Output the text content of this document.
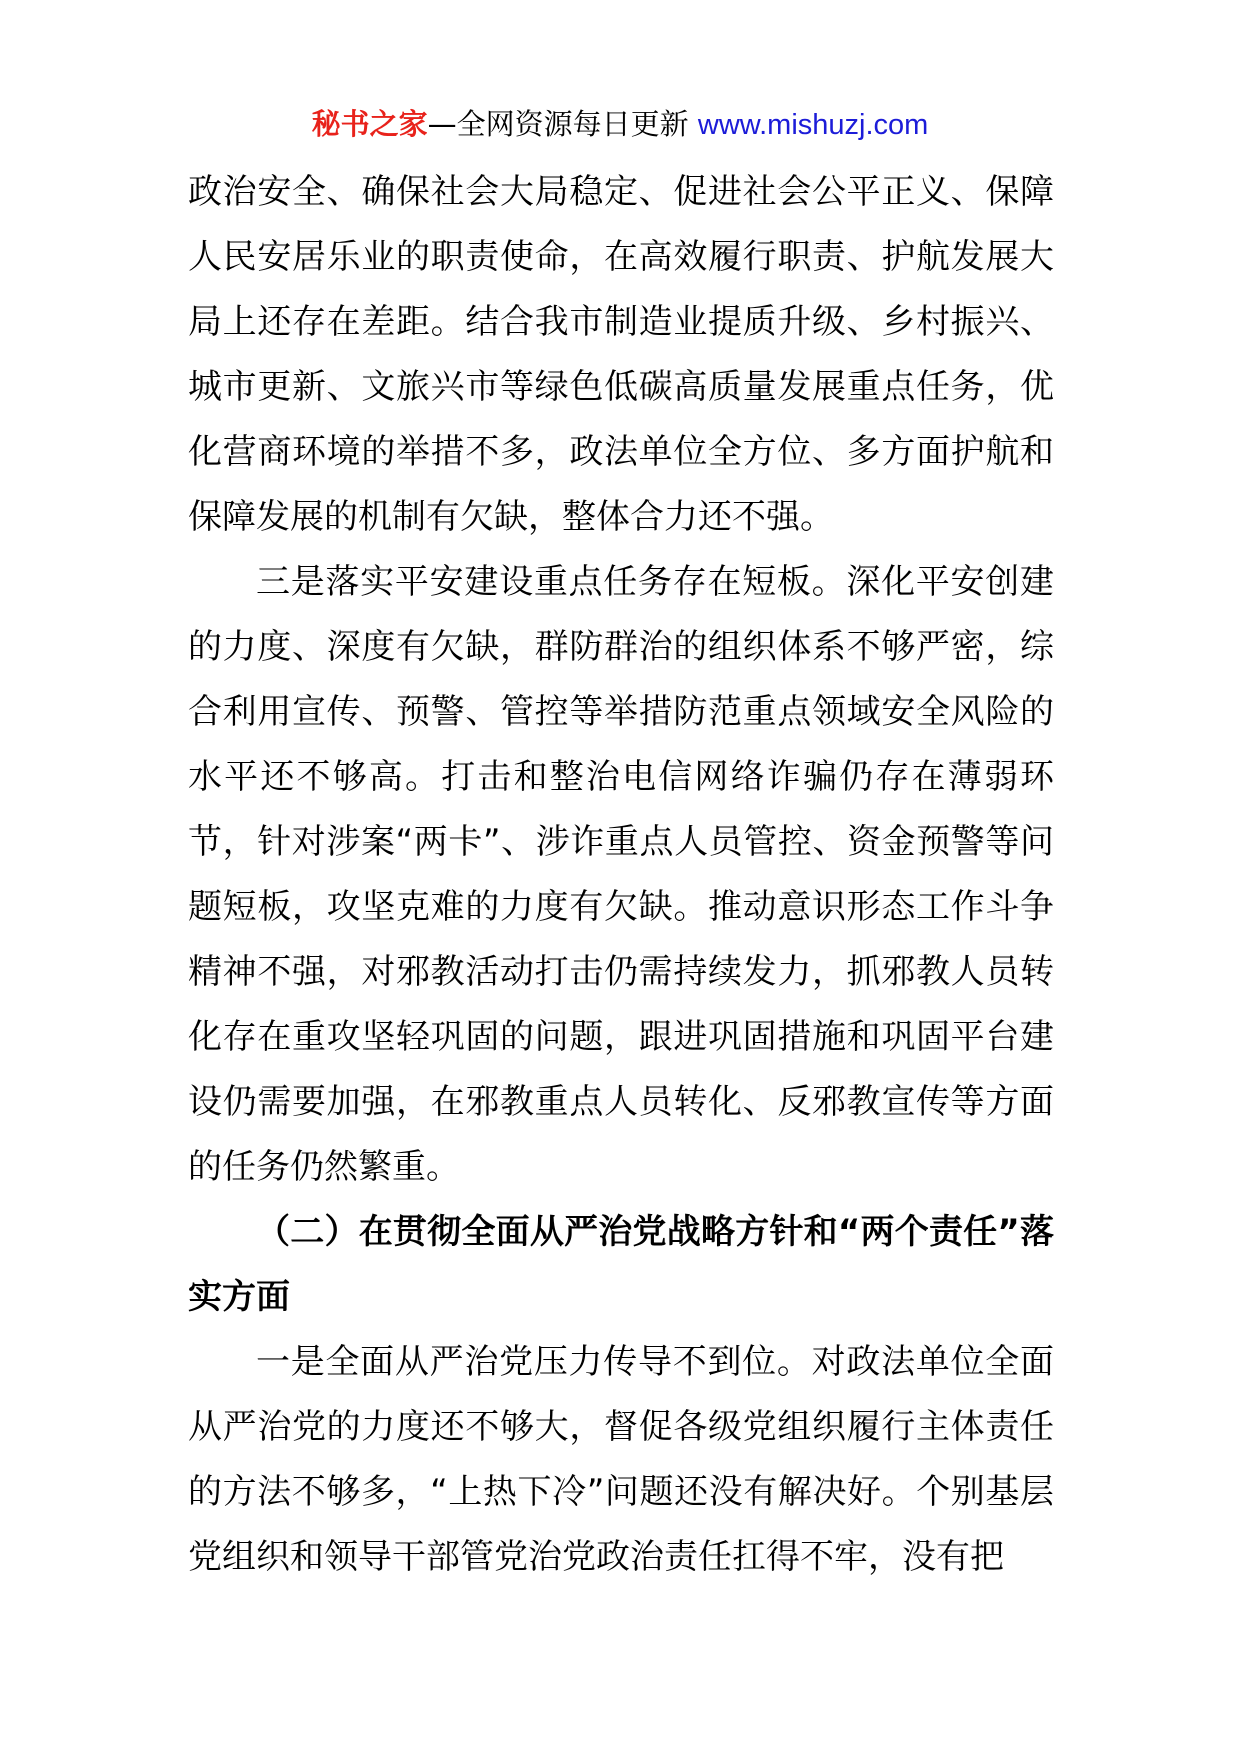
秘书之家—全网资源每日更新 www.mishuzj.com

政治安全、确保社会大局稳定、促进社会公平正义、保障人民安居乐业的职责使命，在高效履行职责、护航发展大局上还存在差距。结合我市制造业提质升级、乡村振兴、城市更新、文旅兴市等绿色低碳高质量发展重点任务，优化营商环境的举措不多，政法单位全方位、多方面护航和保障发展的机制有欠缺，整体合力还不强。

三是落实平安建设重点任务存在短板。深化平安创建的力度、深度有欠缺，群防群治的组织体系不够严密，综合利用宣传、预警、管控等举措防范重点领域安全风险的水平还不够高。打击和整治电信网络诈骗仍存在薄弱环节，针对涉案“两卡”、涉诈重点人员管控、资金预警等问题短板，攻坚克难的力度有欠缺。推动意识形态工作斗争精神不强，对邪教活动打击仍需持续发力，抓邪教人员转化存在重攻坚轻巩固的问题，跟进巩固措施和巩固平台建设仍需要加强，在邪教重点人员转化、反邪教宣传等方面的任务仍然繁重。

（二）在贯彻全面从严治党战略方针和“两个责任”落实方面

一是全面从严治党压力传导不到位。对政法单位全面从严治党的力度还不够大，督促各级党组织履行主体责任的方法不够多，“上热下冷”问题还没有解决好。个别基层党组织和领导干部管党治党政治责任扛得不牢，没有把
